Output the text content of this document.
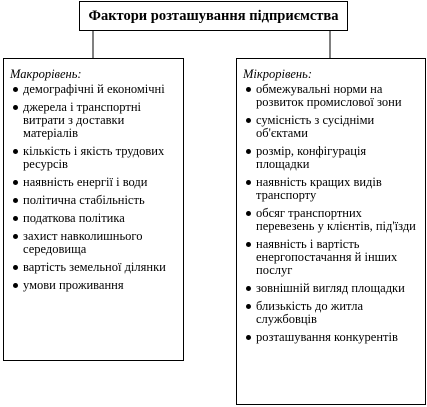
Фактори розташування підприємства
Макрорівень:
демографічні й економічні
джерела і транспортні витрати з доставки матеріалів
кількість і якість трудових ресурсів
наявність енергії і води
політична стабільність
податкова політика
захист навколишнього середовища
вартість земельної ділянки
умови проживання
Мікрорівень:
обмежувальні норми на розвиток промислової зони
сумісність з сусідніми об'єктами
розмір, конфігурація площадки
наявність кращих видів транспорту
обсяг транспортних перевезень у клієнтів, під'їзди
наявність і вартість енергопостачання й інших послуг
зовнішній вигляд площадки
близькість до житла службовців
розташування конкурентів
